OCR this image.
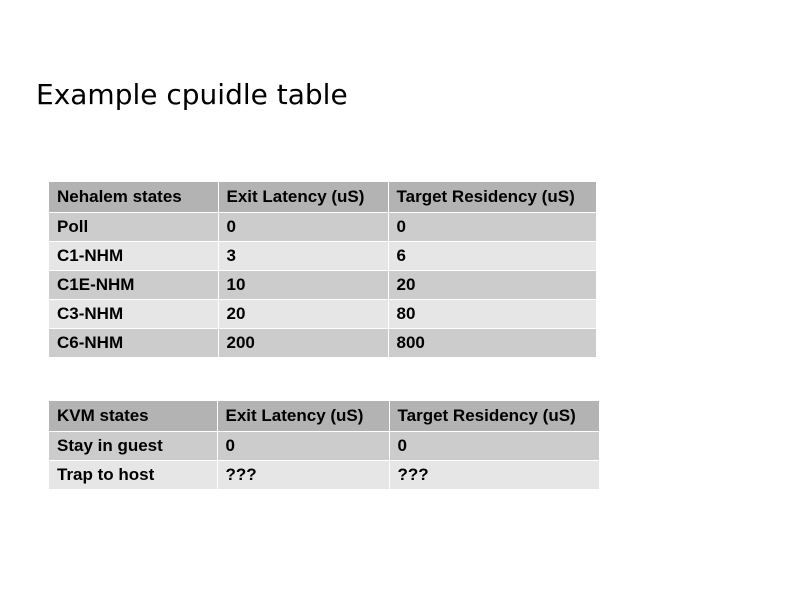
Example cpuidle table
Nehalem states	Exit Latency (uS)	Target Residency (uS)
Poll	0	0
C1-NHM	3	6
C1E-NHM	10	20
C3-NHM	20	80
C6-NHM	200	800
KVM states	Exit Latency (uS)	Target Residency (uS)
Stay in guest	0	0
Trap to host	???	???
